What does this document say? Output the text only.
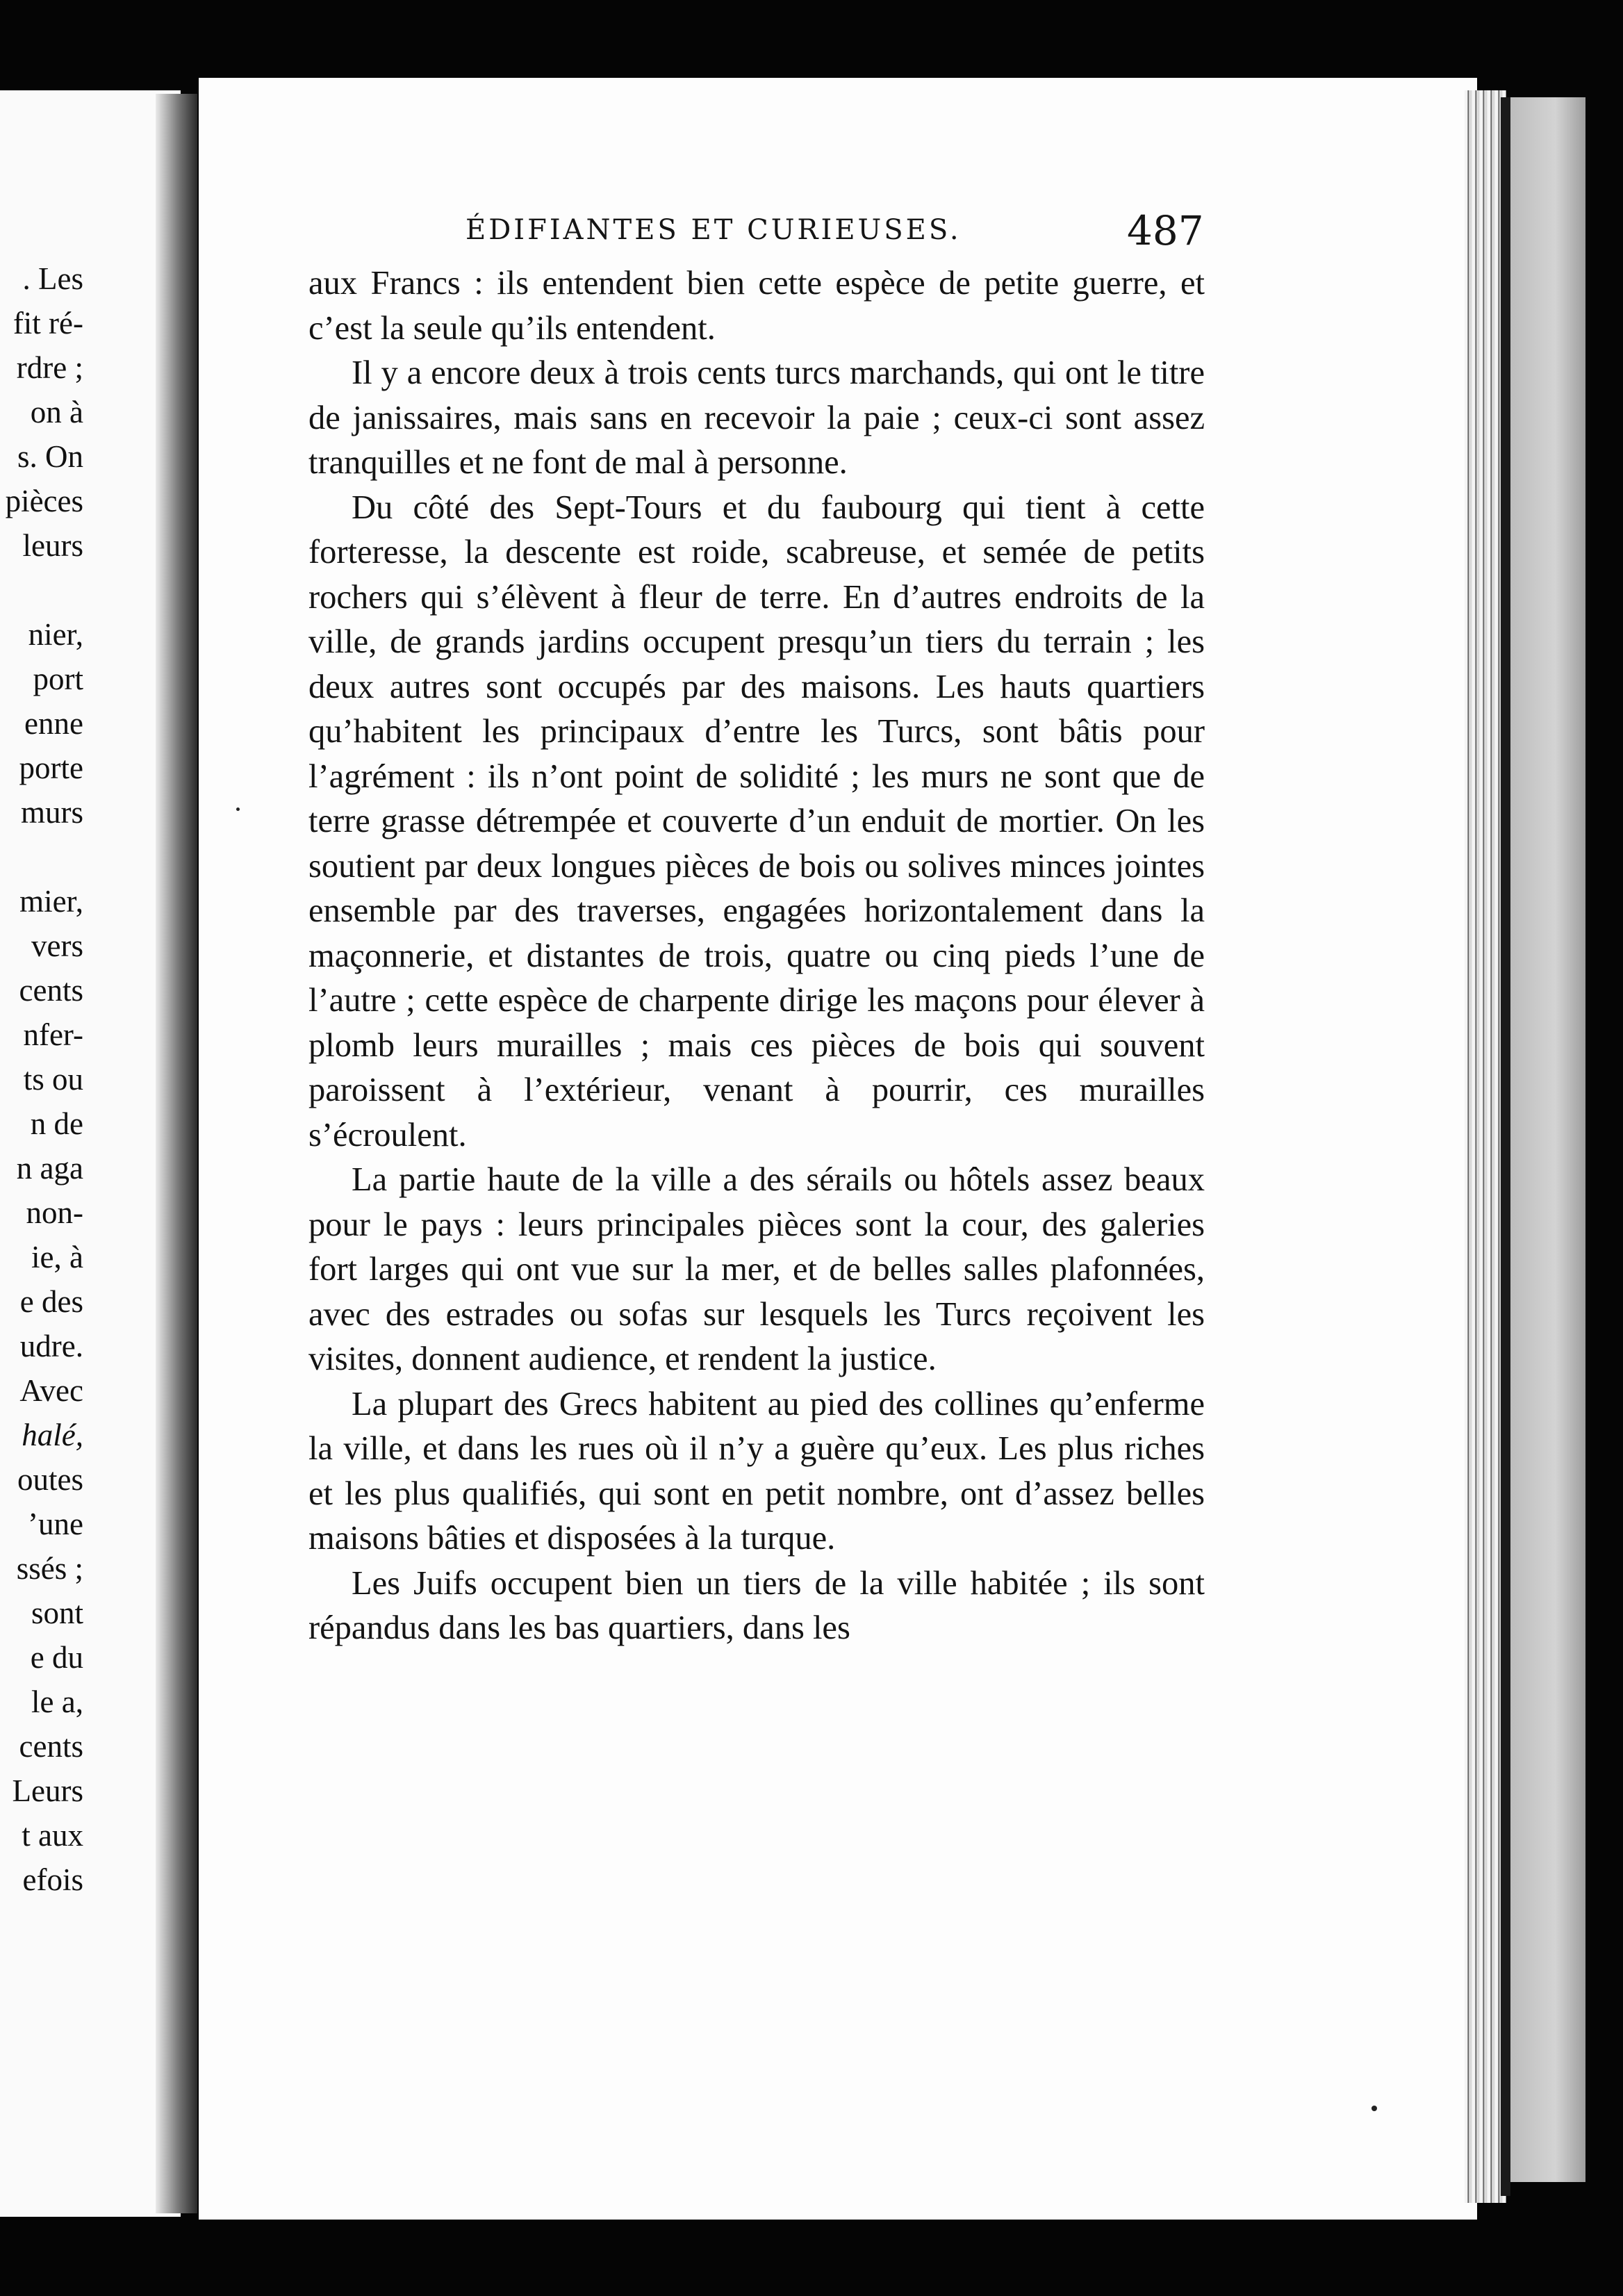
. Les
fit ré-
rdre ;
on à
s. On
pièces
leurs
nier,
port
enne
porte
murs
mier,
vers
cents
nfer-
ts ou
n de
n aga
non-
ie, à
e des
udre.
Avec
halé,
outes
’une
ssés ;
sont
e du
le a,
cents
Leurs
t aux
efois
ÉDIFIANTES ET CURIEUSES.	487

aux Francs : ils entendent bien cette espèce de petite guerre, et c’est la seule qu’ils entendent.

Il y a encore deux à trois cents turcs marchands, qui ont le titre de janissaires, mais sans en recevoir la paie ; ceux-ci sont assez tranquilles et ne font de mal à personne.

Du côté des Sept-Tours et du faubourg qui tient à cette forteresse, la descente est roide, scabreuse, et semée de petits rochers qui s’élèvent à fleur de terre. En d’autres endroits de la ville, de grands jardins occupent presqu’un tiers du terrain ; les deux autres sont occupés par des maisons. Les hauts quartiers qu’habitent les principaux d’entre les Turcs, sont bâtis pour l’agrément : ils n’ont point de solidité ; les murs ne sont que de terre grasse détrempée et couverte d’un enduit de mortier. On les soutient par deux longues pièces de bois ou solives minces jointes ensemble par des traverses, engagées horizontalement dans la maçonnerie, et distantes de trois, quatre ou cinq pieds l’une de l’autre ; cette espèce de charpente dirige les maçons pour élever à plomb leurs murailles ; mais ces pièces de bois qui souvent paroissent à l’extérieur, venant à pourrir, ces murailles s’écroulent.

La partie haute de la ville a des sérails ou hôtels assez beaux pour le pays : leurs principales pièces sont la cour, des galeries fort larges qui ont vue sur la mer, et de belles salles plafonnées, avec des estrades ou sofas sur lesquels les Turcs reçoivent les visites, donnent audience, et rendent la justice.

La plupart des Grecs habitent au pied des collines qu’enferme la ville, et dans les rues où il n’y a guère qu’eux. Les plus riches et les plus qualifiés, qui sont en petit nombre, ont d’assez belles maisons bâties et disposées à la turque.

Les Juifs occupent bien un tiers de la ville habitée ; ils sont répandus dans les bas quartiers, dans les
